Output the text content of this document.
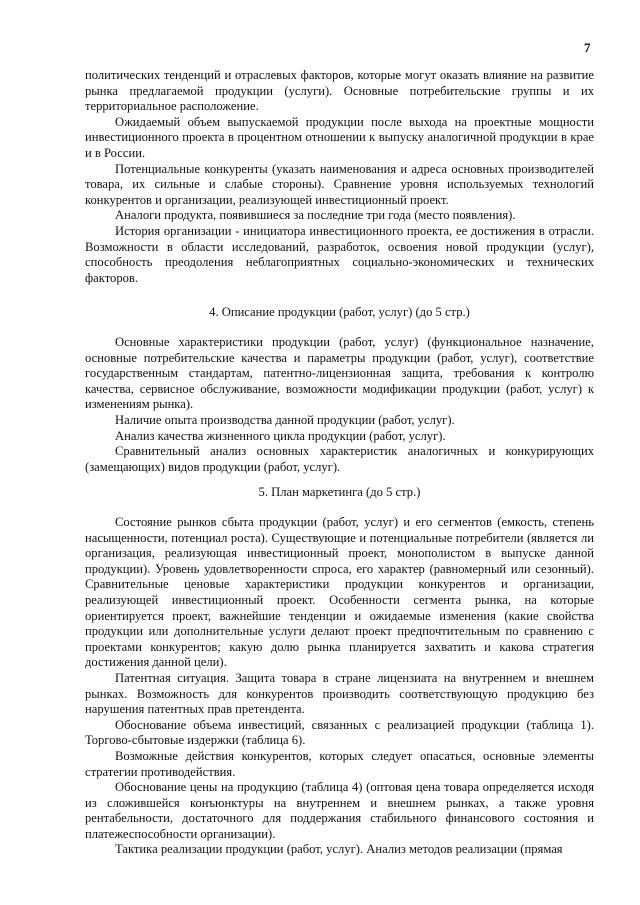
7

политических тенденций и отраслевых факторов, которые могут оказать влияние на развитие рынка предлагаемой продукции (услуги). Основные потребительские группы и их территориальное расположение.

Ожидаемый объем выпускаемой продукции после выхода на проектные мощности инвестиционного проекта в процентном отношении к выпуску аналогичной продукции в крае и в России.

Потенциальные конкуренты (указать наименования и адреса основных производителей товара, их сильные и слабые стороны). Сравнение уровня используемых технологий конкурентов и организации, реализующей инвестиционный проект.

Аналоги продукта, появившиеся за последние три года (место появления).

История организации - инициатора инвестиционного проекта, ее достижения в отрасли. Возможности в области исследований, разработок, освоения новой продукции (услуг), способность преодоления неблагоприятных социально-экономических и технических факторов.

4. Описание продукции (работ, услуг) (до 5 стр.)

Основные характеристики продукции (работ, услуг) (функциональное назначение, основные потребительские качества и параметры продукции (работ, услуг), соответствие государственным стандартам, патентно-лицензионная защита, требования к контролю качества, сервисное обслуживание, возможности модификации продукции (работ, услуг) к изменениям рынка).

Наличие опыта производства данной продукции (работ, услуг).

Анализ качества жизненного цикла продукции (работ, услуг).

Сравнительный анализ основных характеристик аналогичных и конкурирующих (замещающих) видов продукции (работ, услуг).

5. План маркетинга (до 5 стр.)

Состояние рынков сбыта продукции (работ, услуг) и его сегментов (емкость, степень насыщенности, потенциал роста). Существующие и потенциальные потребители (является ли организация, реализующая инвестиционный проект, монополистом в выпуске данной продукции). Уровень удовлетворенности спроса, его характер (равномерный или сезонный). Сравнительные ценовые характеристики продукции конкурентов и организации, реализующей инвестиционный проект. Особенности сегмента рынка, на которые ориентируется проект, важнейшие тенденции и ожидаемые изменения (какие свойства продукции или дополнительные услуги делают проект предпочтительным по сравнению с проектами конкурентов; какую долю рынка планируется захватить и какова стратегия достижения данной цели).

Патентная ситуация. Защита товара в стране лицензиата на внутреннем и внешнем рынках. Возможность для конкурентов производить соответствующую продукцию без нарушения патентных прав претендента.

Обоснование объема инвестиций, связанных с реализацией продукции (таблица 1). Торгово-сбытовые издержки (таблица 6).

Возможные действия конкурентов, которых следует опасаться, основные элементы стратегии противодействия.

Обоснование цены на продукцию (таблица 4) (оптовая цена товара определяется исходя из сложившейся конъюнктуры на внутреннем и внешнем рынках, а также уровня рентабельности, достаточного для поддержания стабильного финансового состояния и платежеспособности организации).

Тактика реализации продукции (работ, услуг). Анализ методов реализации (прямая
